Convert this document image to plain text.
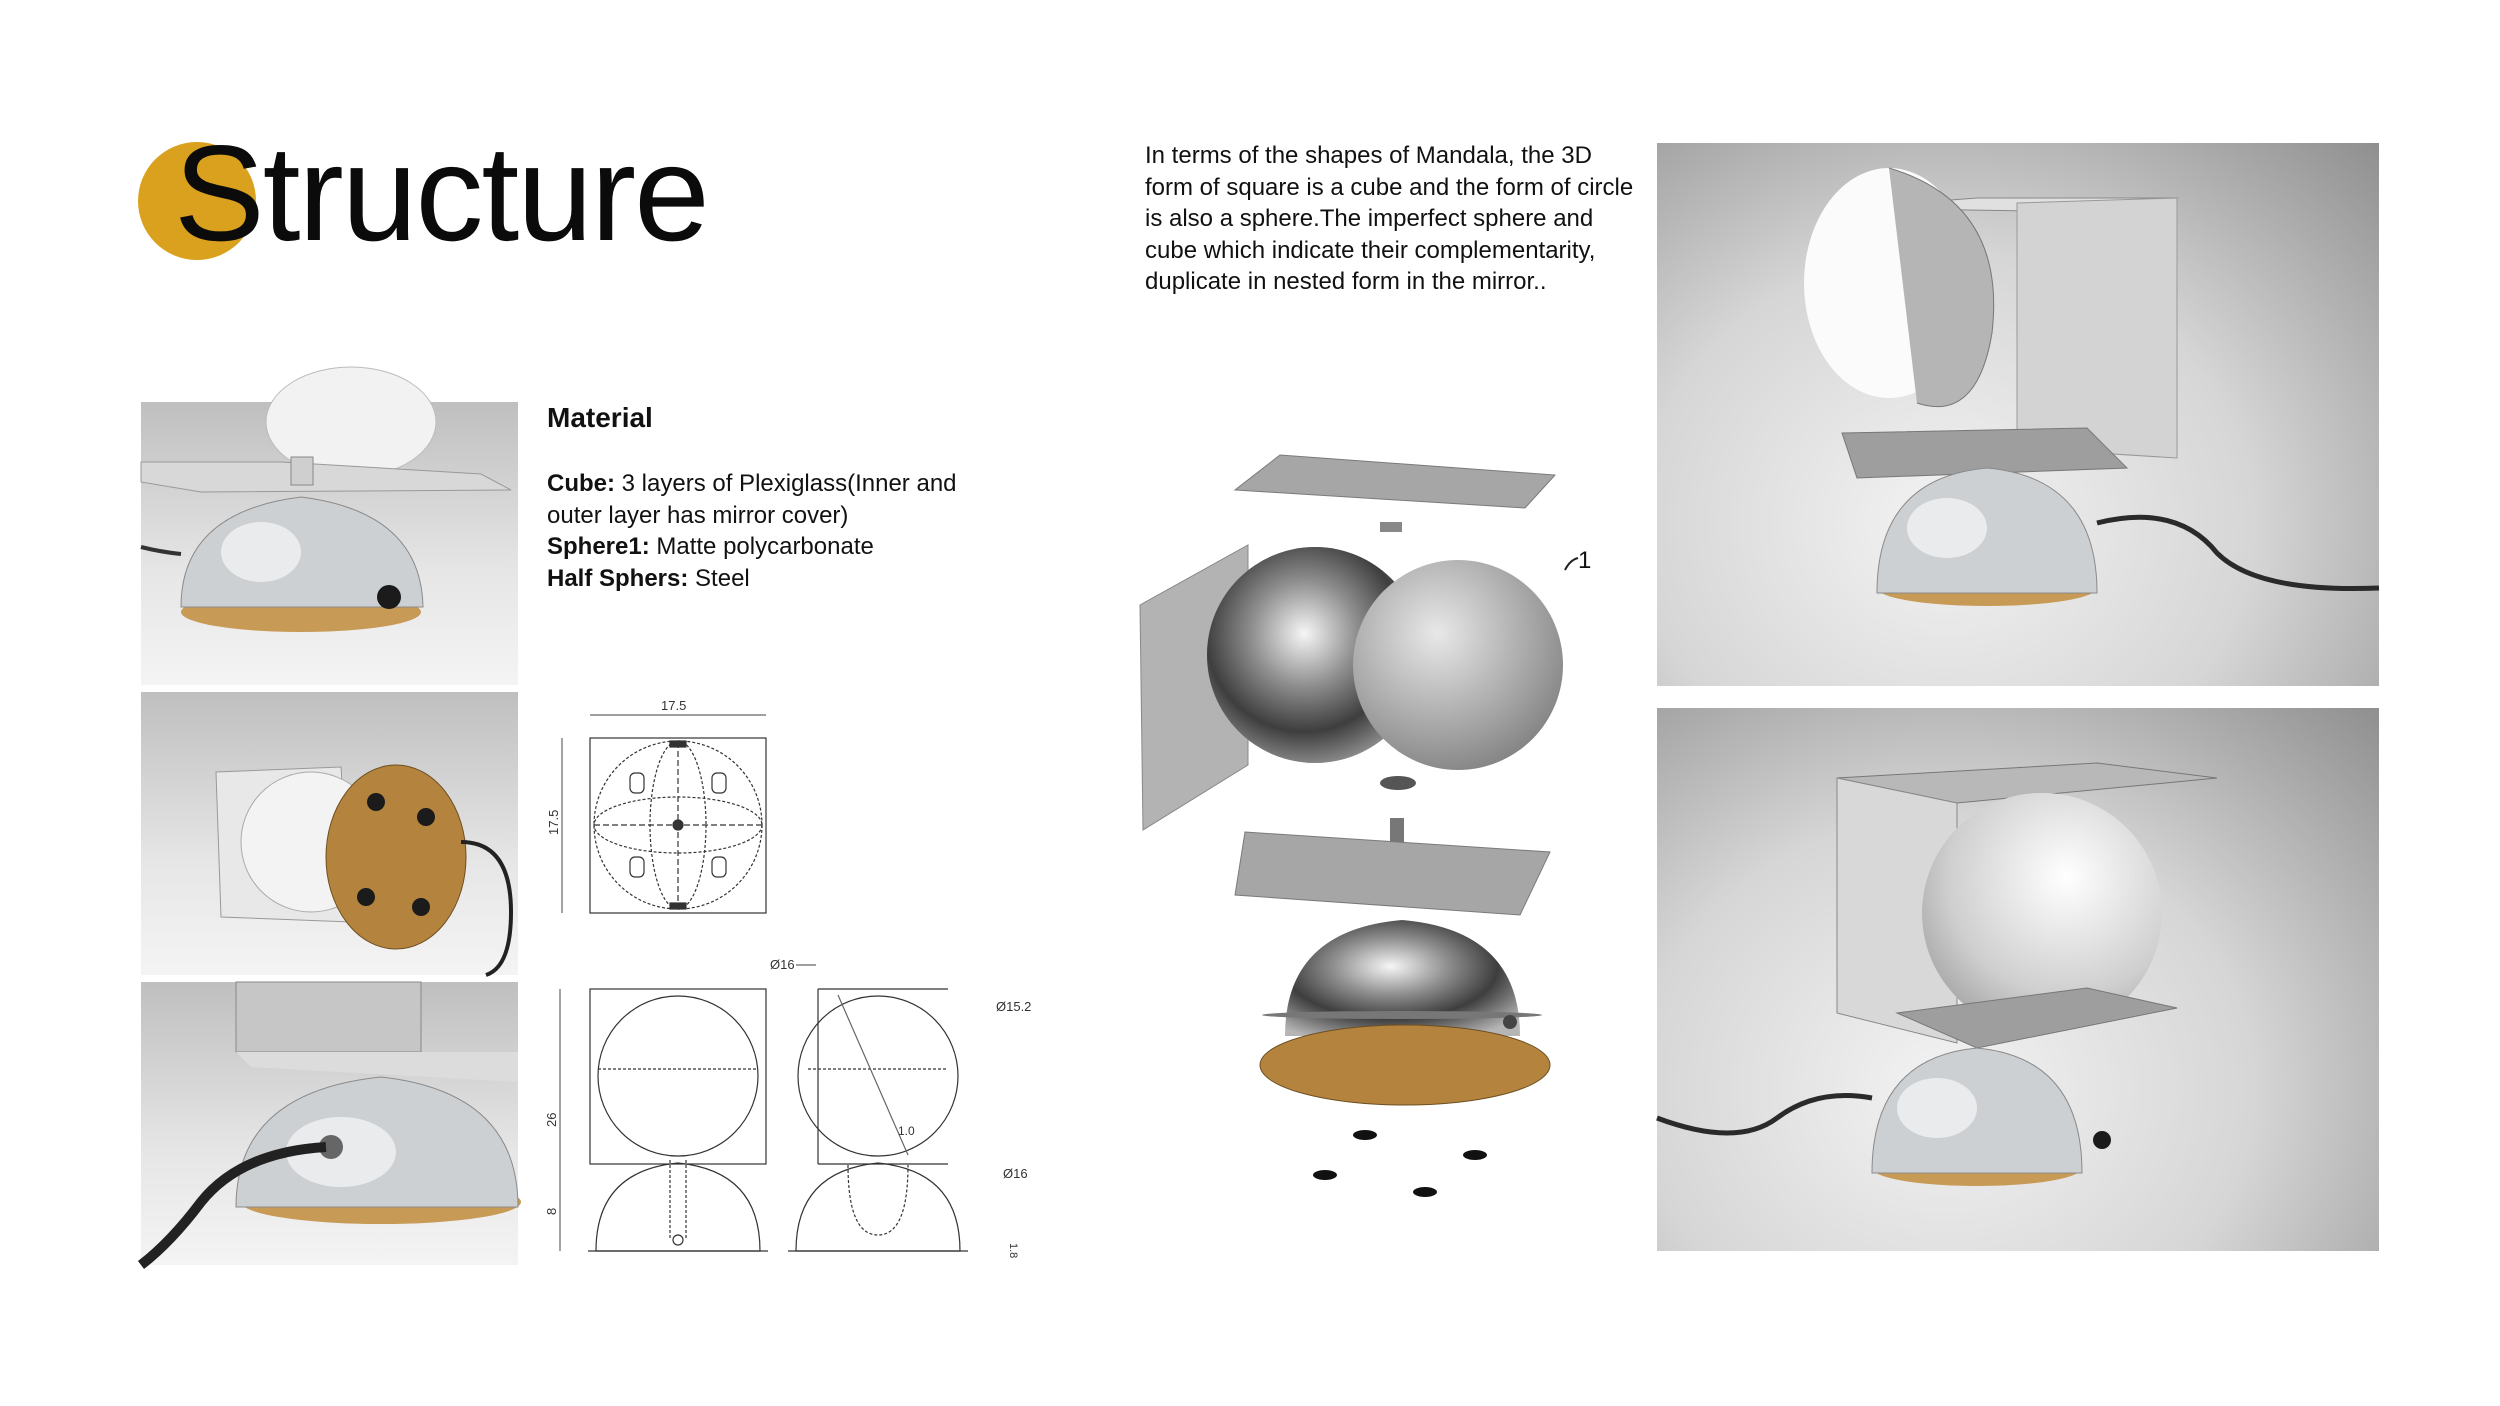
Structure	In terms of the shapes of Mandala, the 3D form of square is a cube and the form of circle is also a sphere.The imperfect sphere and cube which indicate their complementarity, duplicate in nested form in the mirror..
Material
Cube: 3 layers of Plexiglass(Inner and outer layer has mirror cover)
Sphere1: Matte polycarbonate
Half Sphers: Steel
17.5
17.5
26
8
Ø16
Ø15.2
1.0
Ø16
1.8
1
